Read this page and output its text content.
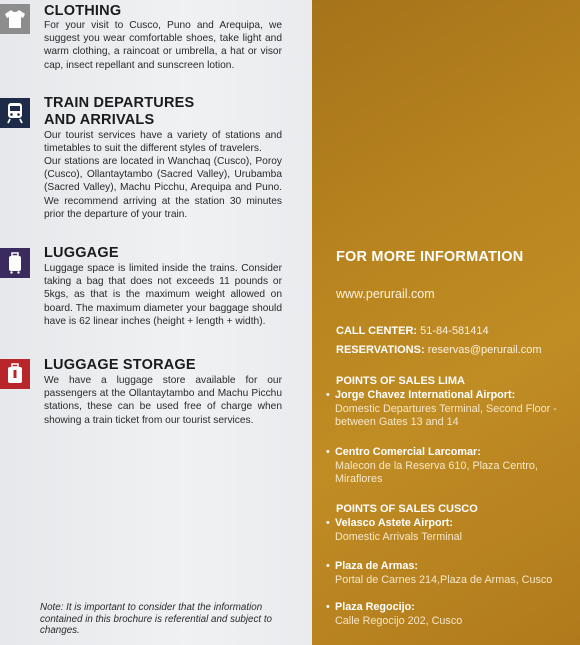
CLOTHING
For your visit to Cusco, Puno and Arequipa, we suggest you wear comfortable shoes, take light and warm clothing, a raincoat or umbrella, a hat or visor cap, insect repellant and sunscreen lotion.
TRAIN DEPARTURES
AND ARRIVALS
Our tourist services have a variety of stations and timetables to suit the different styles of travelers.
Our stations are located in Wanchaq (Cusco), Poroy (Cusco), Ollantaytambo (Sacred Valley), Urubamba (Sacred Valley), Machu Picchu, Arequipa and Puno. We recommend arriving at the station 30 minutes prior the departure of your train.
LUGGAGE
Luggage space is limited inside the trains. Consider taking a bag that does not exceeds 11 pounds or 5kgs, as that is the maximum weight allowed on board. The maximum diameter your baggage should have is 62 linear inches (height + length + width).
LUGGAGE STORAGE
We have a luggage store available for our passengers at the Ollantaytambo and Machu Picchu stations, these can be used free of charge when showing a train ticket from our tourist services.
Note: It is important to consider that the information contained in this brochure is referential and subject to changes.
FOR MORE INFORMATION
www.perurail.com
CALL CENTER: 51-84-581414
RESERVATIONS: reservas@perurail.com
POINTS OF SALES LIMA
• Jorge Chavez International Airport:
Domestic Departures Terminal, Second Floor - between Gates 13 and 14
• Centro Comercial Larcomar:
Malecon de la Reserva 610, Plaza Centro, Miraflores
POINTS OF SALES CUSCO
• Velasco Astete Airport:
Domestic Arrivals Terminal
• Plaza de Armas:
Portal de Carnes 214,Plaza de Armas, Cusco
• Plaza Regocijo:
Calle Regocijo 202, Cusco
